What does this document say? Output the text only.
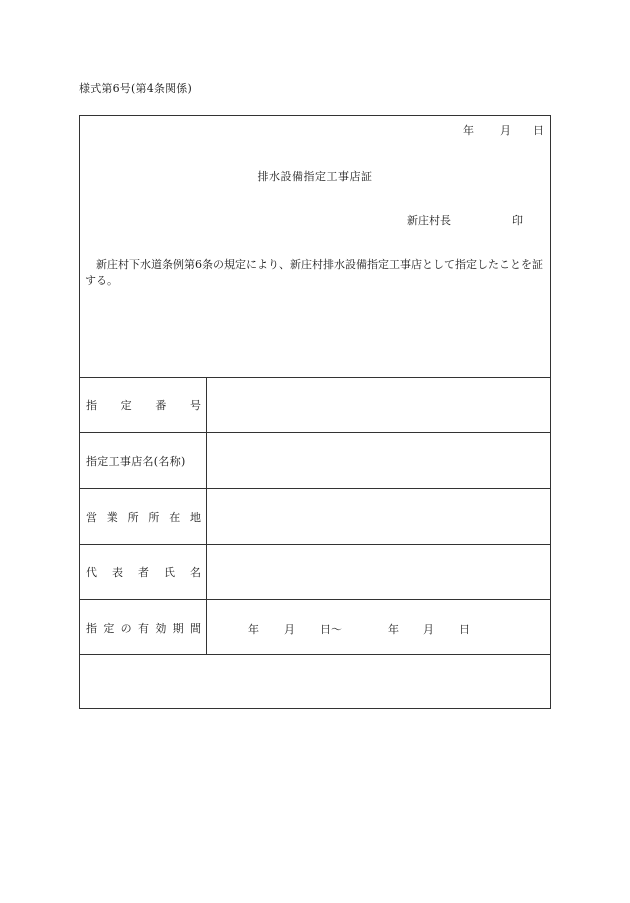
様式第6号(第4条関係)
年 月 日
排水設備指定工事店証
新庄村長	印

新庄村下水道条例第6条の規定により、新庄村排水設備指定工事店として指定したことを証する。

指 定 番 号
指定工事店名(名称)
営 業 所 所 在 地
代 表 者 氏 名
指 定 の 有 効 期 間	年 月 日〜	年 月 日
